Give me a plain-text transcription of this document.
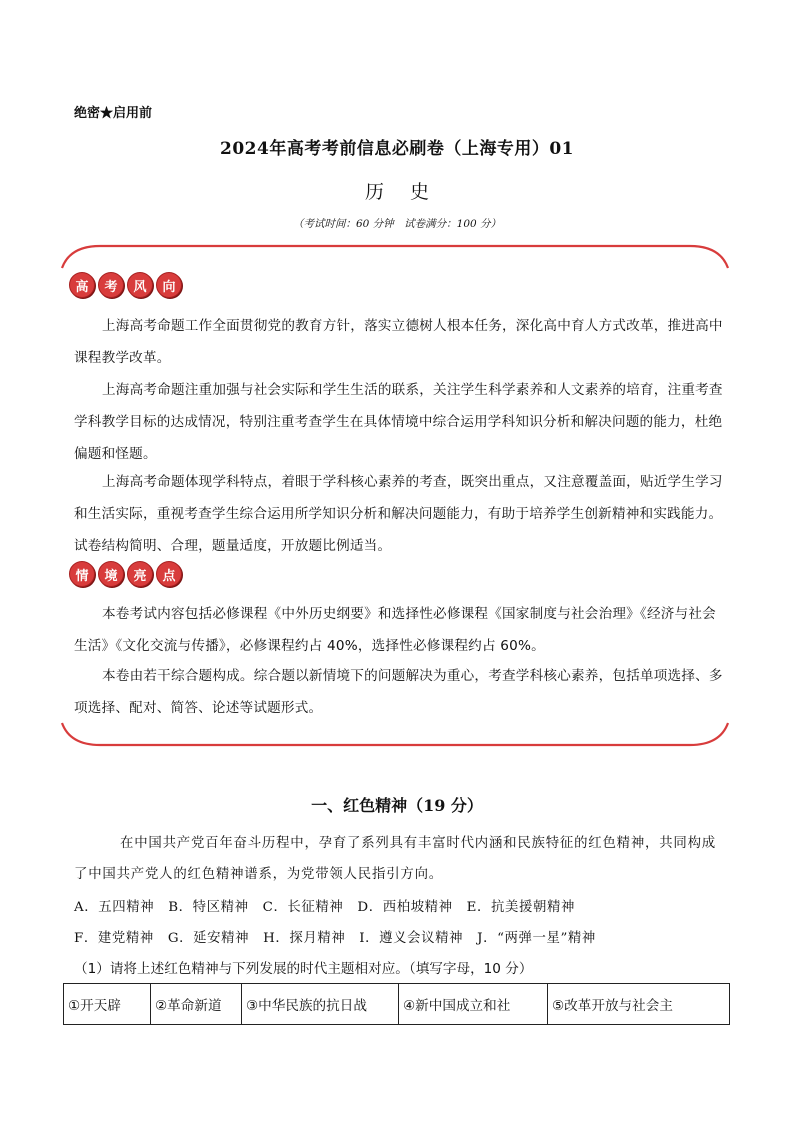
绝密★启用前
2024年高考考前信息必刷卷（上海专用）01
历 史
（考试时间：60 分钟　试卷满分：100 分）
高	考	风	向
上海高考命题工作全面贯彻党的教育方针，落实立德树人根本任务，深化高中育人方式改革，推进高中课程教学改革。
上海高考命题注重加强与社会实际和学生生活的联系，关注学生科学素养和人文素养的培育，注重考查学科教学目标的达成情况，特别注重考查学生在具体情境中综合运用学科知识分析和解决问题的能力，杜绝偏题和怪题。
上海高考命题体现学科特点，着眼于学科核心素养的考查，既突出重点，又注意覆盖面，贴近学生学习和生活实际，重视考查学生综合运用所学知识分析和解决问题能力，有助于培养学生创新精神和实践能力。试卷结构简明、合理，题量适度，开放题比例适当。
情	境	亮	点
本卷考试内容包括必修课程《中外历史纲要》和选择性必修课程《国家制度与社会治理》《经济与社会生活》《文化交流与传播》，必修课程约占 40%，选择性必修课程约占 60%。
本卷由若干综合题构成。综合题以新情境下的问题解决为重心，考查学科核心素养，包括单项选择、多项选择、配对、简答、论述等试题形式。
一、红色精神（19 分）
在中国共产党百年奋斗历程中，孕育了系列具有丰富时代内涵和民族特征的红色精神，共同构成了中国共产党人的红色精神谱系，为党带领人民指引方向。
A．五四精神　B．特区精神　C．长征精神　D．西柏坡精神　E．抗美援朝精神
F．建党精神　G．延安精神　H．探月精神　I．遵义会议精神　J．“两弹一星”精神
（1）请将上述红色精神与下列发展的时代主题相对应。（填写字母，10 分）
①开天辟	②革命新道	③中华民族的抗日战	④新中国成立和社	⑤改革开放与社会主
